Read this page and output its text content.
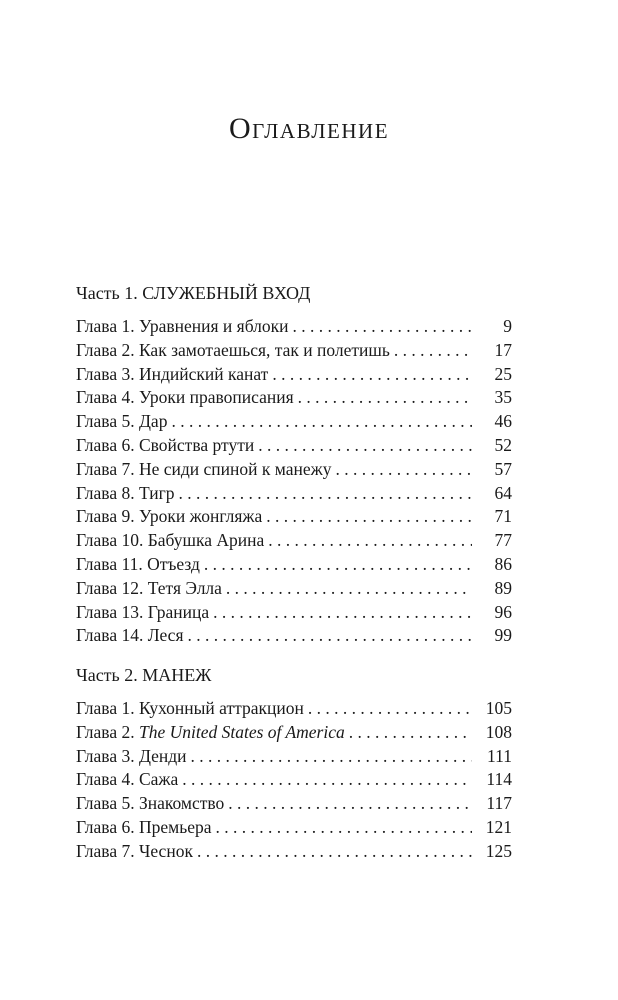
Оглавление
Часть 1. СЛУЖЕБНЫЙ ВХОД
Глава 1. Уравнения и яблоки . . .	9
Глава 2. Как замотаешься, так и полетишь . . .	17
Глава 3. Индийский канат . . .	25
Глава 4. Уроки правописания . . .	35
Глава 5. Дар . . .	46
Глава 6. Свойства ртути . . .	52
Глава 7. Не сиди спиной к манежу . . .	57
Глава 8. Тигр . . .	64
Глава 9. Уроки жонгляжа . . .	71
Глава 10. Бабушка Арина . . .	77
Глава 11. Отъезд . . .	86
Глава 12. Тетя Элла . . .	89
Глава 13. Граница . . .	96
Глава 14. Леся . . .	99
Часть 2. МАНЕЖ
Глава 1. Кухонный аттракцион . . .	105
Глава 2. The United States of America . . .	108
Глава 3. Денди . . .	111
Глава 4. Сажа . . .	114
Глава 5. Знакомство . . .	117
Глава 6. Премьера . . .	121
Глава 7. Чеснок . . .	125
